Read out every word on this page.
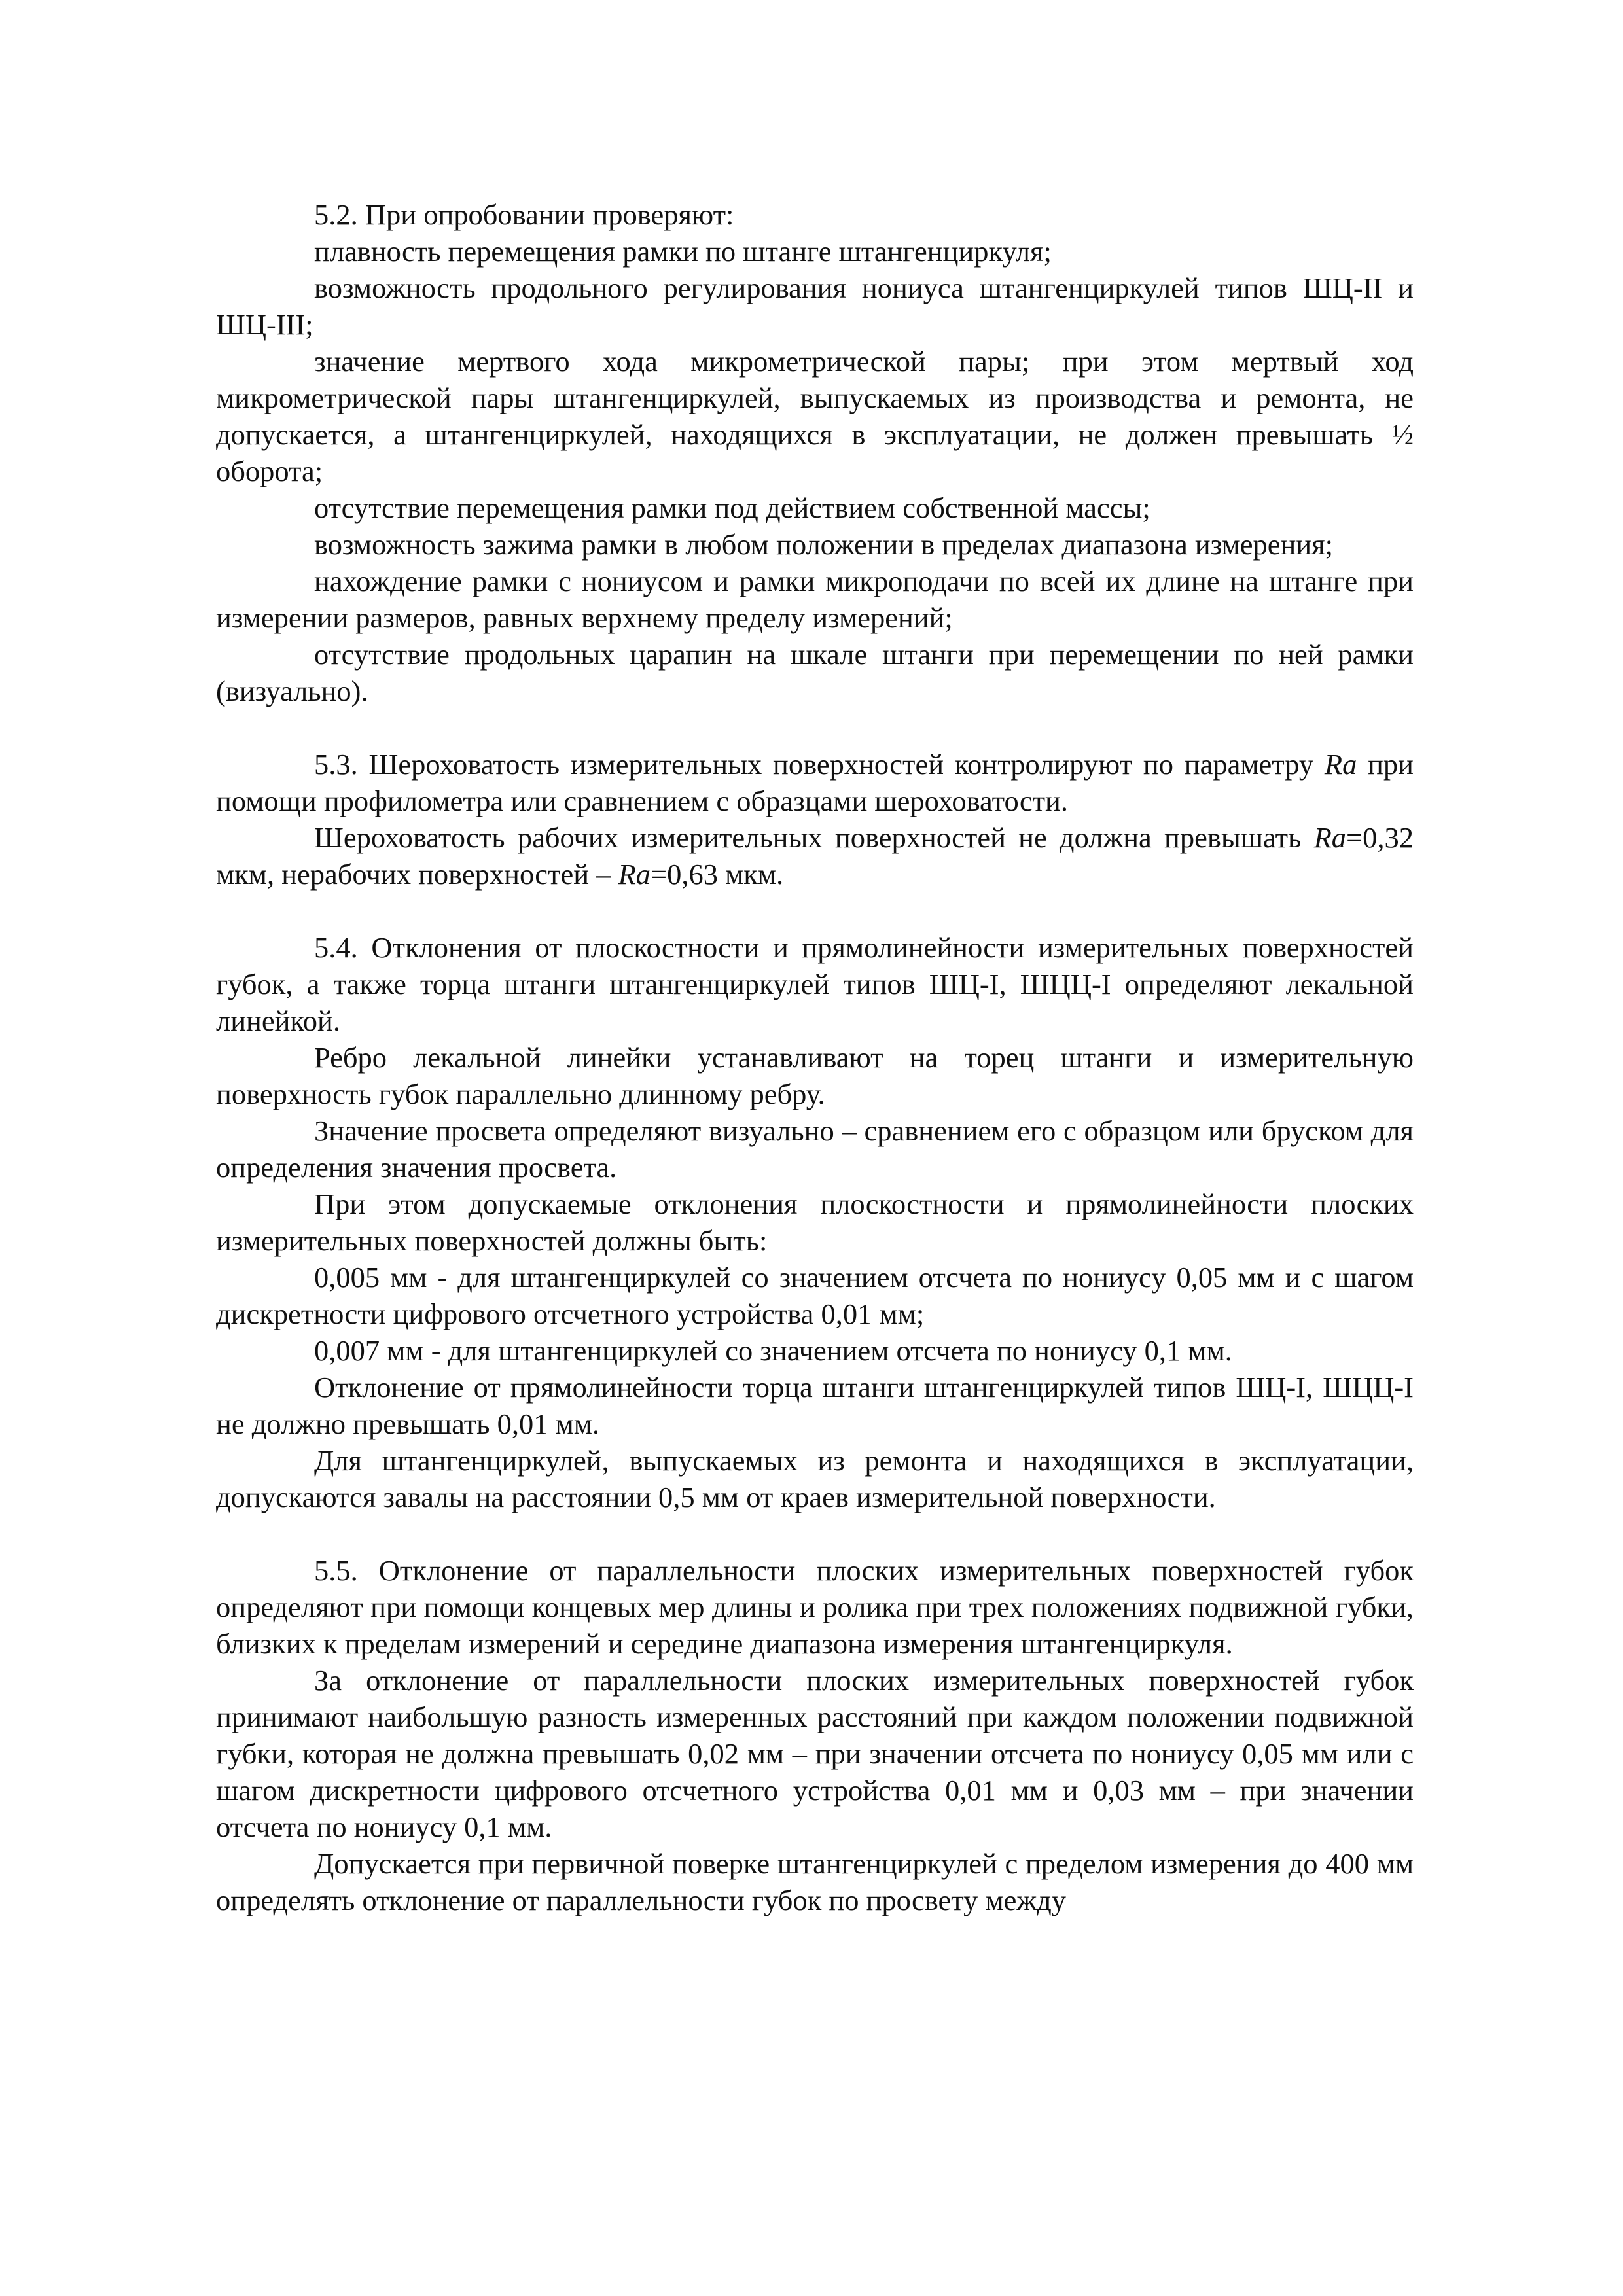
5.2. При опробовании проверяют:

плавность перемещения рамки по штанге штангенциркуля;

возможность продольного регулирования нониуса штангенциркулей типов ШЦ-II и ШЦ-III;

значение мертвого хода микрометрической пары; при этом мертвый ход микрометрической пары штангенциркулей, выпускаемых из производства и ремонта, не допускается, а штангенциркулей, находящихся в эксплуатации, не должен превышать ½ оборота;

отсутствие перемещения рамки под действием собственной массы;

возможность зажима рамки в любом положении в пределах диапазона измерения;

нахождение рамки с нониусом и рамки микроподачи по всей их длине на штанге при измерении размеров, равных верхнему пределу измерений;

отсутствие продольных царапин на шкале штанги при перемещении по ней рамки (визуально).

5.3. Шероховатость измерительных поверхностей контролируют по параметру Ra при помощи профилометра или сравнением с образцами шероховатости.

Шероховатость рабочих измерительных поверхностей не должна превышать Ra=0,32 мкм, нерабочих поверхностей – Ra=0,63 мкм.

5.4. Отклонения от плоскостности и прямолинейности измерительных поверхностей губок, а также торца штанги штангенциркулей типов ШЦ-I, ШЦЦ-I определяют лекальной линейкой.

Ребро лекальной линейки устанавливают на торец штанги и измерительную поверхность губок параллельно длинному ребру.

Значение просвета определяют визуально – сравнением его с образцом или бруском для определения значения просвета.

При этом допускаемые отклонения плоскостности и прямолинейности плоских измерительных поверхностей должны быть:

0,005 мм - для штангенциркулей со значением отсчета по нониусу 0,05 мм и с шагом дискретности цифрового отсчетного устройства 0,01 мм;

0,007 мм - для штангенциркулей со значением отсчета по нониусу 0,1 мм.

Отклонение от прямолинейности торца штанги штангенциркулей типов ШЦ-I, ШЦЦ-I не должно превышать 0,01 мм.

Для штангенциркулей, выпускаемых из ремонта и находящихся в эксплуатации, допускаются завалы на расстоянии 0,5 мм от краев измерительной поверхности.

5.5. Отклонение от параллельности плоских измерительных поверхностей губок определяют при помощи концевых мер длины и ролика при трех положениях подвижной губки, близких к пределам измерений и середине диапазона измерения штангенциркуля.

За отклонение от параллельности плоских измерительных поверхностей губок принимают наибольшую разность измеренных расстояний при каждом положении подвижной губки, которая не должна превышать 0,02 мм – при значении отсчета по нониусу 0,05 мм или с шагом дискретности цифрового отсчетного устройства 0,01 мм и 0,03 мм – при значении отсчета по нониусу 0,1 мм.

Допускается при первичной поверке штангенциркулей с пределом измерения до 400 мм определять отклонение от параллельности губок по просвету между
